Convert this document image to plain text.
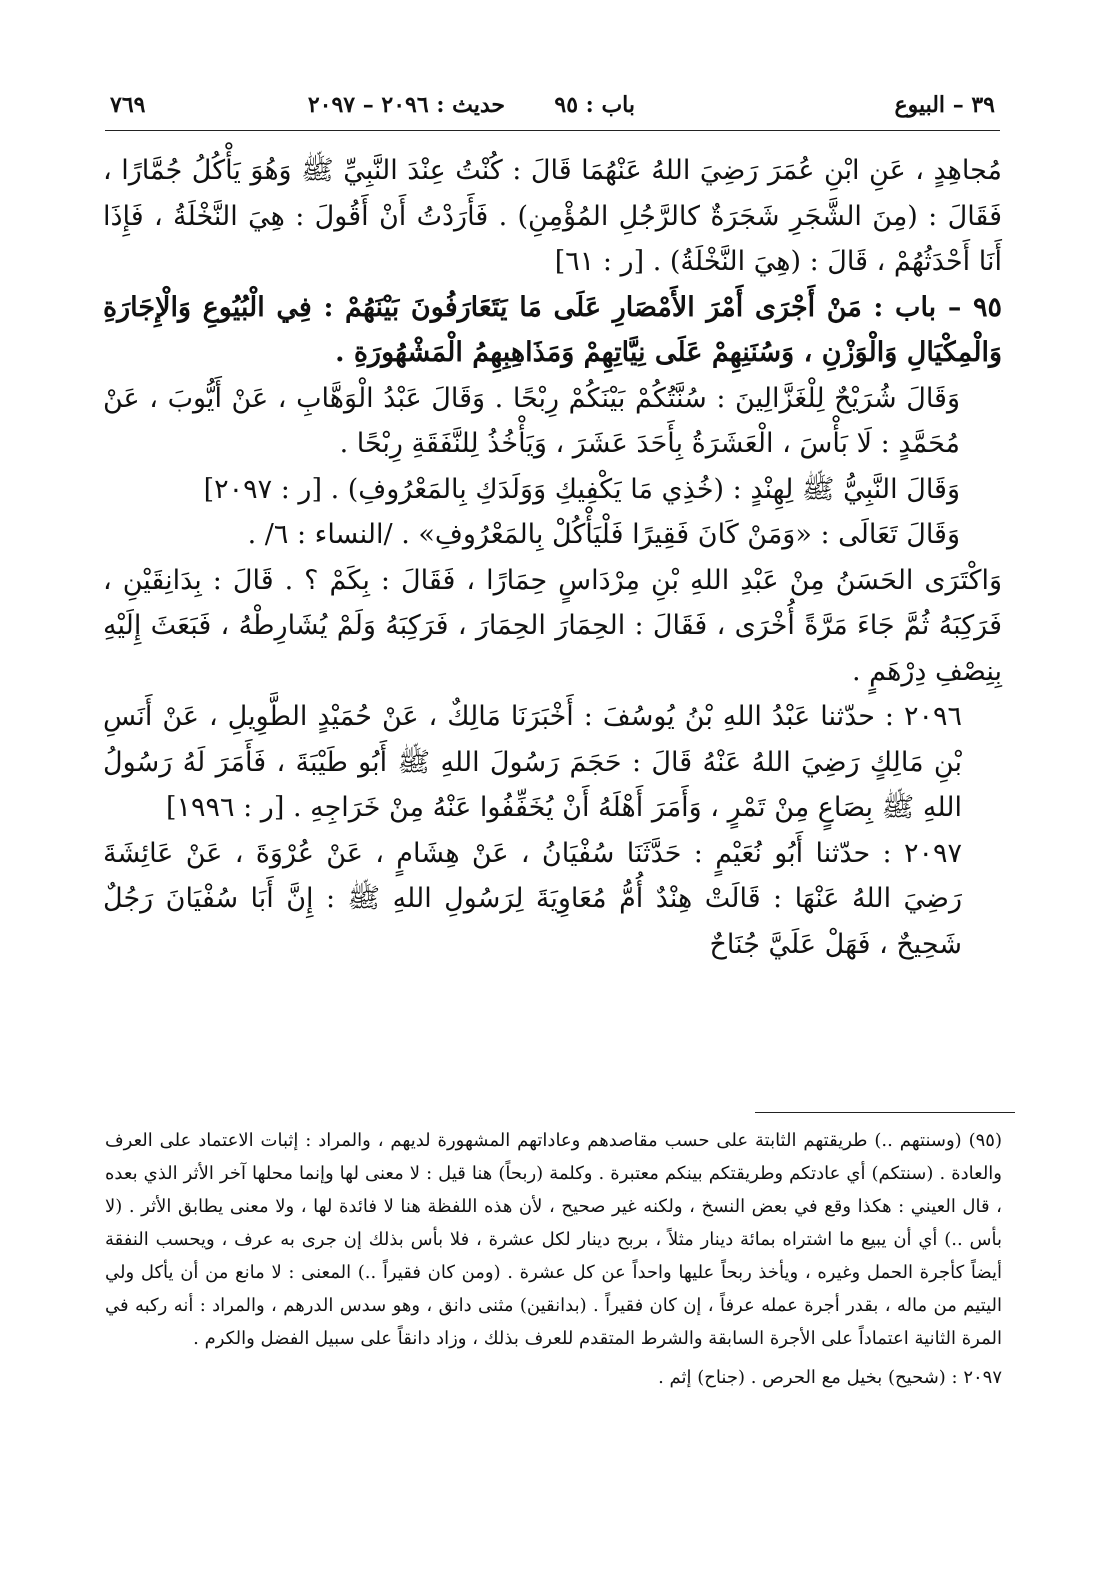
٣٩ – البيوع
باب : ٩٥
حديث : ٢٠٩٦ – ٢٠٩٧
٧٦٩

مُجاهِدٍ ، عَنِ ابْنِ عُمَرَ رَضِيَ اللهُ عَنْهُمَا قَالَ : كُنْتُ عِنْدَ النَّبِيِّ ﷺ وَهُوَ يَأْكُلُ جُمَّارًا ، فَقَالَ : (مِنَ الشَّجَرِ شَجَرَةٌ كالرَّجُلِ المُؤْمِنِ) . فَأَرَدْتُ أَنْ أَقُولَ : هِيَ النَّخْلَةُ ، فَإِذَا أَنَا أَحْدَثُهُمْ ، قَالَ : (هِيَ النَّخْلَةُ) . [ر : ٦١]

٩٥ – باب : مَنْ أَجْرَى أَمْرَ الأَمْصَارِ عَلَى مَا يَتَعَارَفُونَ بَيْنَهُمْ : فِي الْبُيُوعِ وَالْإِجَارَةِ وَالْمِكْيَالِ وَالْوَزْنِ ، وَسُنَنِهِمْ عَلَى نِيَّاتِهِمْ وَمَذَاهِبِهِمُ الْمَشْهُورَةِ .

وَقَالَ شُرَيْحٌ لِلْغَزَّالِينَ : سُنَّتُكُمْ بَيْنَكُمْ رِبْحًا . وَقَالَ عَبْدُ الْوَهَّابِ ، عَنْ أَيُّوبَ ، عَنْ مُحَمَّدٍ : لَا بَأْسَ ، الْعَشَرَةُ بِأَحَدَ عَشَرَ ، وَيَأْخُذُ لِلنَّفَقَةِ رِبْحًا .

وَقَالَ النَّبِيُّ ﷺ لِهِنْدٍ : (خُذِي مَا يَكْفِيكِ وَوَلَدَكِ بِالمَعْرُوفِ) . [ر : ٢٠٩٧]

وَقَالَ تَعَالَى : «وَمَنْ كَانَ فَقِيرًا فَلْيَأْكُلْ بِالمَعْرُوفِ» . /النساء : ٦/ .

وَاكْتَرَى الحَسَنُ مِنْ عَبْدِ اللهِ بْنِ مِرْدَاسٍ حِمَارًا ، فَقَالَ : بِكَمْ ؟ . قَالَ : بِدَانِقَيْنِ ، فَرَكِبَهُ ثُمَّ جَاءَ مَرَّةً أُخْرَى ، فَقَالَ : الحِمَارَ الحِمَارَ ، فَرَكِبَهُ وَلَمْ يُشَارِطْهُ ، فَبَعَثَ إِلَيْهِ بِنِصْفِ دِرْهَمٍ .

٢٠٩٦ : حدّثنا عَبْدُ اللهِ بْنُ يُوسُفَ : أَخْبَرَنَا مَالِكٌ ، عَنْ حُمَيْدٍ الطَّوِيلِ ، عَنْ أَنَسِ بْنِ مَالِكٍ رَضِيَ اللهُ عَنْهُ قَالَ : حَجَمَ رَسُولَ اللهِ ﷺ أَبُو طَيْبَةَ ، فَأَمَرَ لَهُ رَسُولُ اللهِ ﷺ بِصَاعٍ مِنْ تَمْرٍ ، وَأَمَرَ أَهْلَهُ أَنْ يُخَفِّفُوا عَنْهُ مِنْ خَرَاجِهِ . [ر : ١٩٩٦]

٢٠٩٧ : حدّثنا أَبُو نُعَيْمٍ : حَدَّثَنَا سُفْيَانُ ، عَنْ هِشَامٍ ، عَنْ عُرْوَةَ ، عَنْ عَائِشَةَ رَضِيَ اللهُ عَنْهَا : قَالَتْ هِنْدٌ أُمُّ مُعَاوِيَةَ لِرَسُولِ اللهِ ﷺ : إِنَّ أَبَا سُفْيَانَ رَجُلٌ شَحِيحٌ ، فَهَلْ عَلَيَّ جُنَاحٌ

(٩٥) (وسنتهم ..) طريقتهم الثابتة على حسب مقاصدهم وعاداتهم المشهورة لديهم ، والمراد : إثبات الاعتماد على العرف والعادة . (سنتكم) أي عادتكم وطريقتكم بينكم معتبرة . وكلمة (ربحاً) هنا قيل : لا معنى لها وإنما محلها آخر الأثر الذي بعده ، قال العيني : هكذا وقع في بعض النسخ ، ولكنه غير صحيح ، لأن هذه اللفظة هنا لا فائدة لها ، ولا معنى يطابق الأثر . (لا بأس ..) أي أن يبيع ما اشتراه بمائة دينار مثلاً ، بربح دينار لكل عشرة ، فلا بأس بذلك إن جرى به عرف ، ويحسب النفقة أيضاً كأجرة الحمل وغيره ، ويأخذ ربحاً عليها واحداً عن كل عشرة . (ومن كان فقيراً ..) المعنى : لا مانع من أن يأكل ولي اليتيم من ماله ، بقدر أجرة عمله عرفاً ، إن كان فقيراً . (بدانقين) مثنى دانق ، وهو سدس الدرهم ، والمراد : أنه ركبه في المرة الثانية اعتماداً على الأجرة السابقة والشرط المتقدم للعرف بذلك ، وزاد دانقاً على سبيل الفضل والكرم .

٢٠٩٧ : (شحيح) بخيل مع الحرص . (جناح) إثم .
